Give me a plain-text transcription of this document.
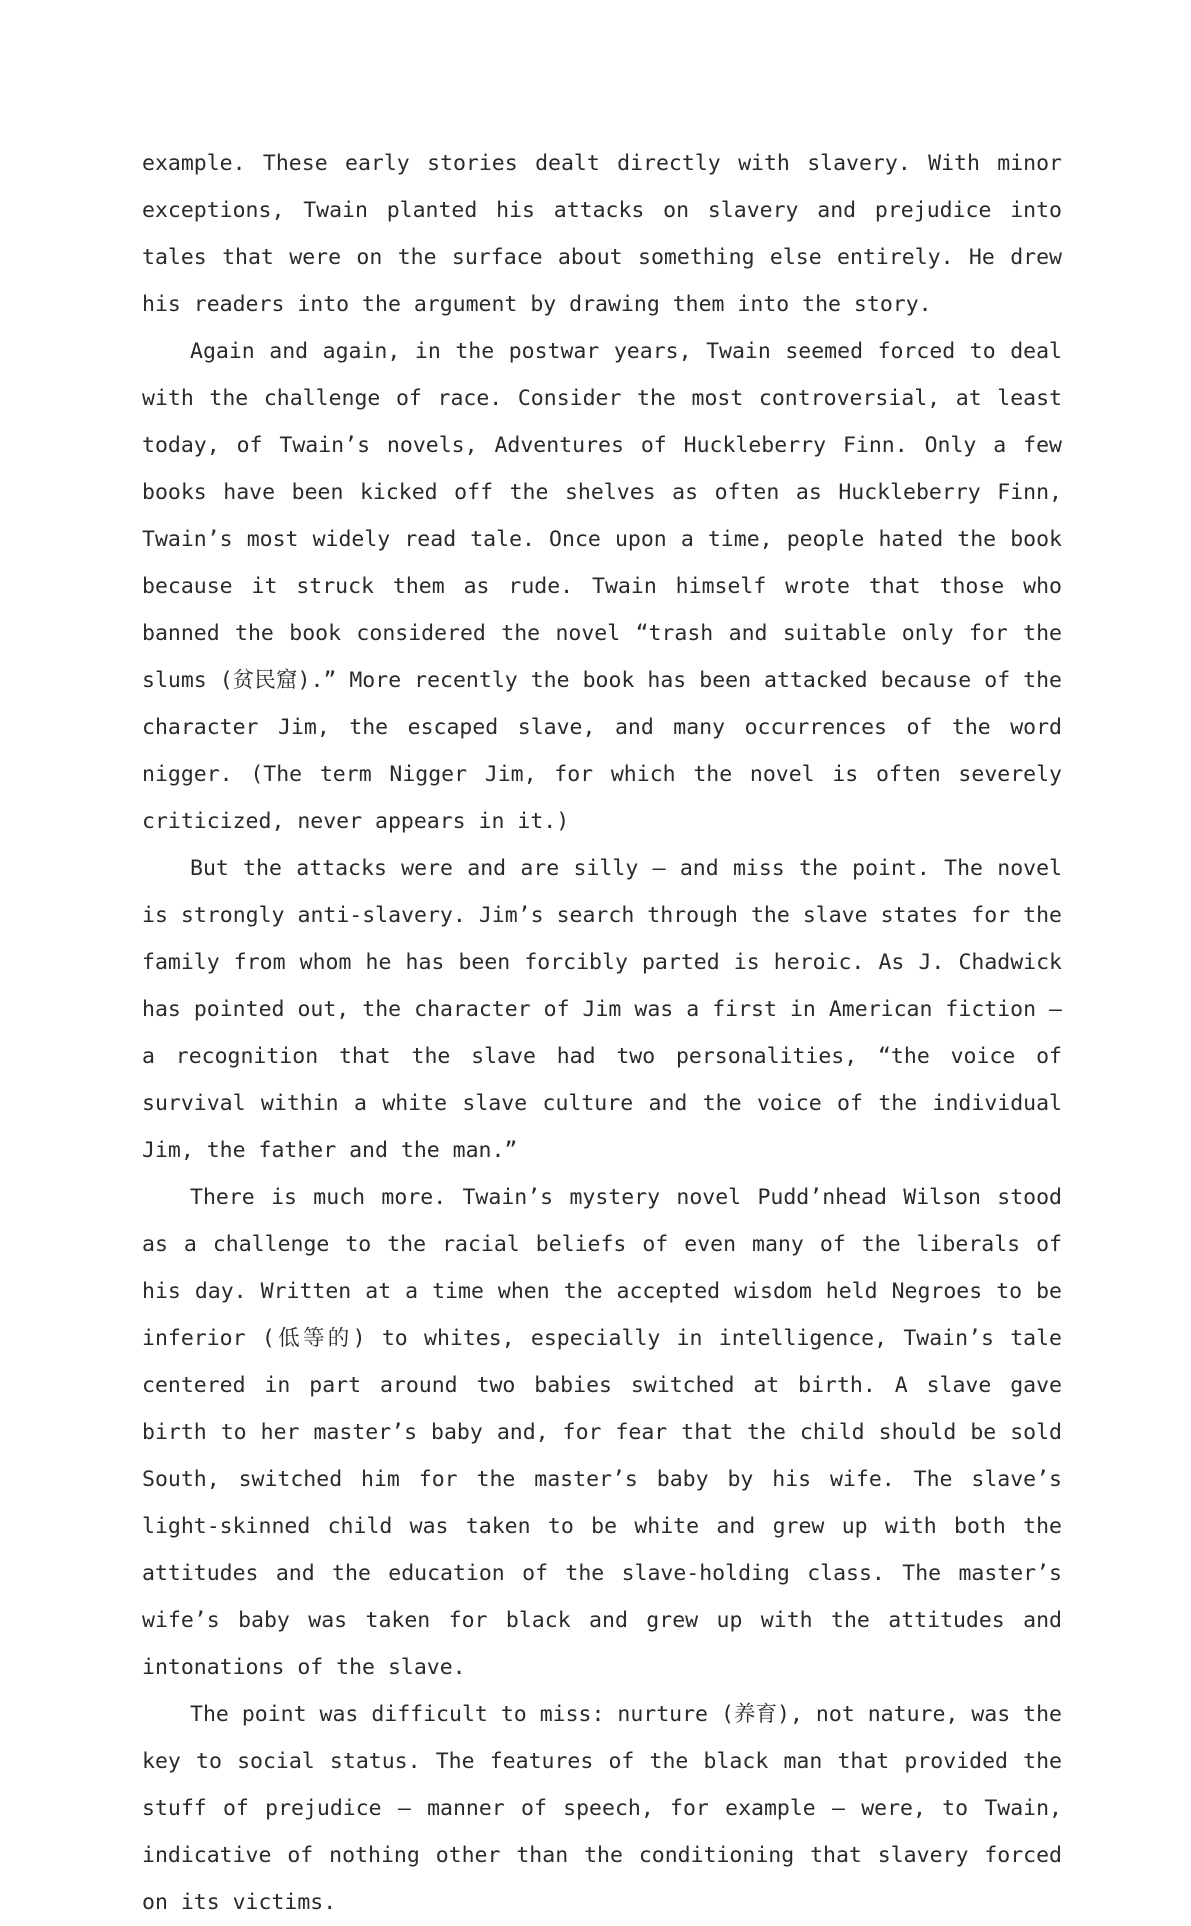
example. These early stories dealt directly with slavery. With minor exceptions, Twain planted his attacks on slavery and prejudice into tales that were on the surface about something else entirely. He drew his readers into the argument by drawing them into the story.

Again and again, in the postwar years, Twain seemed forced to deal with the challenge of race. Consider the most controversial, at least today, of Twain’s novels, Adventures of Huckleberry Finn. Only a few books have been kicked off the shelves as often as Huckleberry Finn, Twain’s most widely read tale. Once upon a time, people hated the book because it struck them as rude. Twain himself wrote that those who banned the book considered the novel “trash and suitable only for the slums (贫民窟).” More recently the book has been attacked because of the character Jim, the escaped slave, and many occurrences of the word nigger. (The term Nigger Jim, for which the novel is often severely criticized, never appears in it.)

But the attacks were and are silly — and miss the point. The novel is strongly anti-slavery. Jim’s search through the slave states for the family from whom he has been forcibly parted is heroic. As J. Chadwick has pointed out, the character of Jim was a first in American fiction — a recognition that the slave had two personalities, “the voice of survival within a white slave culture and the voice of the individual Jim, the father and the man.”

There is much more. Twain’s mystery novel Pudd’nhead Wilson stood as a challenge to the racial beliefs of even many of the liberals of his day. Written at a time when the accepted wisdom held Negroes to be inferior (低等的) to whites, especially in intelligence, Twain’s tale centered in part around two babies switched at birth. A slave gave birth to her master’s baby and, for fear that the child should be sold South, switched him for the master’s baby by his wife. The slave’s light-skinned child was taken to be white and grew up with both the attitudes and the education of the slave-holding class. The master’s wife’s baby was taken for black and grew up with the attitudes and intonations of the slave.

The point was difficult to miss: nurture (养育), not nature, was the key to social status. The features of the black man that provided the stuff of prejudice — manner of speech, for example — were, to Twain, indicative of nothing other than the conditioning that slavery forced on its victims.
